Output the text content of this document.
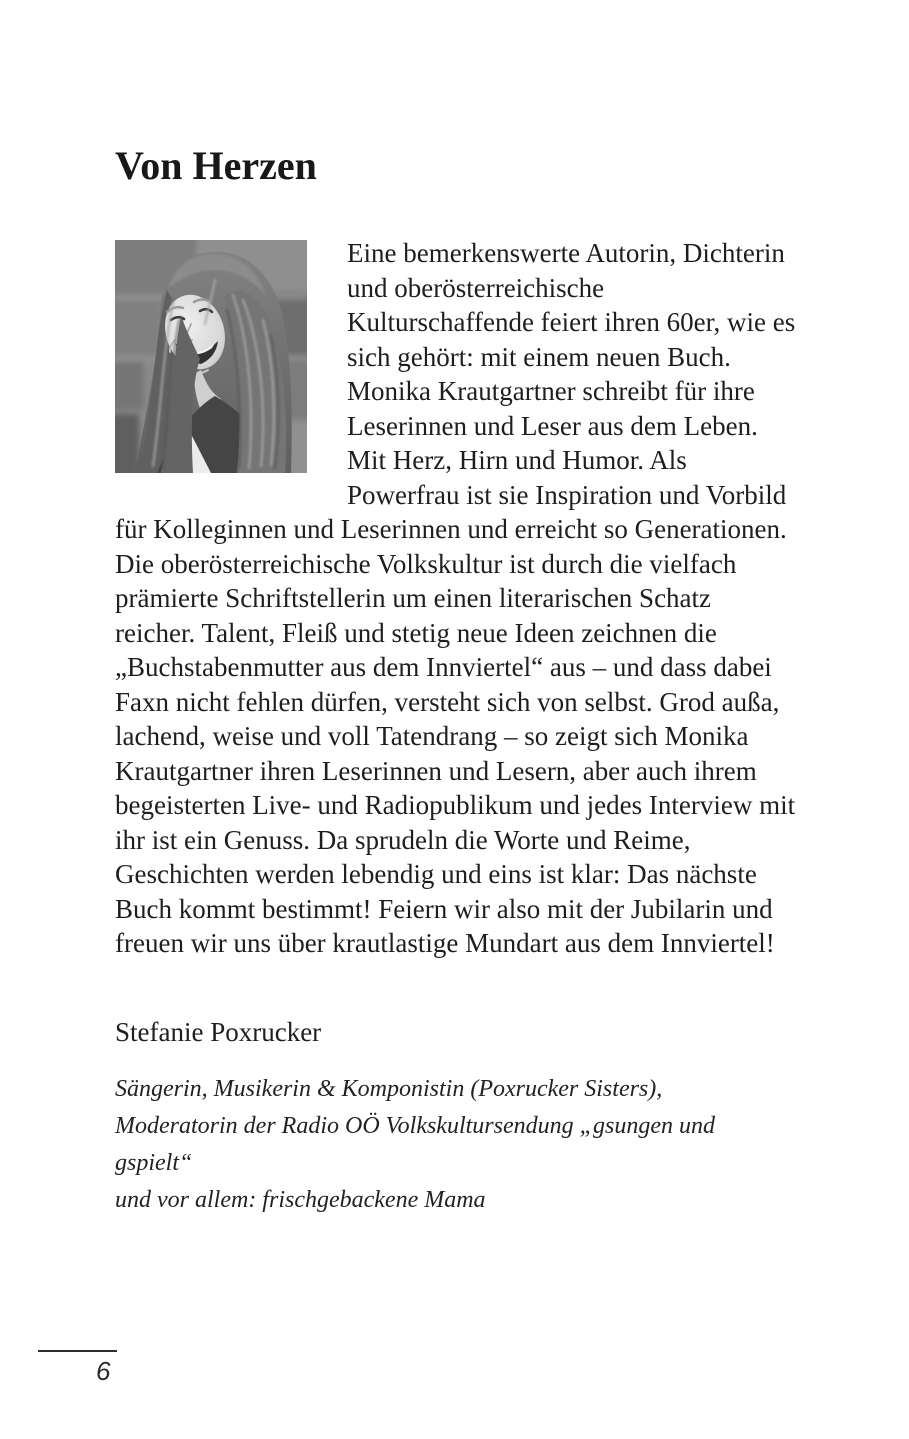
Von Herzen

Eine bemerkenswerte Autorin, Dichterin und oberösterreichische Kulturschaffende feiert ihren 60er, wie es sich gehört: mit einem neuen Buch. Monika Krautgartner schreibt für ihre Leserinnen und Leser aus dem Leben. Mit Herz, Hirn und Humor. Als Powerfrau ist sie Inspiration und Vorbild für Kolleginnen und Leserinnen und erreicht so Generationen. Die oberösterreichische Volkskultur ist durch die vielfach prämierte Schriftstellerin um einen literarischen Schatz reicher. Talent, Fleiß und stetig neue Ideen zeichnen die „Buchstabenmutter aus dem Innviertel“ aus – und dass dabei Faxn nicht fehlen dürfen, versteht sich von selbst. Grod außa, lachend, weise und voll Tatendrang – so zeigt sich Monika Krautgartner ihren Leserinnen und Lesern, aber auch ihrem begeisterten Live- und Radiopublikum und jedes Interview mit ihr ist ein Genuss. Da sprudeln die Worte und Reime, Geschichten werden lebendig und eins ist klar: Das nächste Buch kommt bestimmt! Feiern wir also mit der Jubilarin und freuen wir uns über krautlastige Mundart aus dem Innviertel!

Stefanie Poxrucker

Sängerin, Musikerin & Komponistin (Poxrucker Sisters),
Moderatorin der Radio OÖ Volkskultursendung „gsungen und gspielt“
und vor allem: frischgebackene Mama
6
